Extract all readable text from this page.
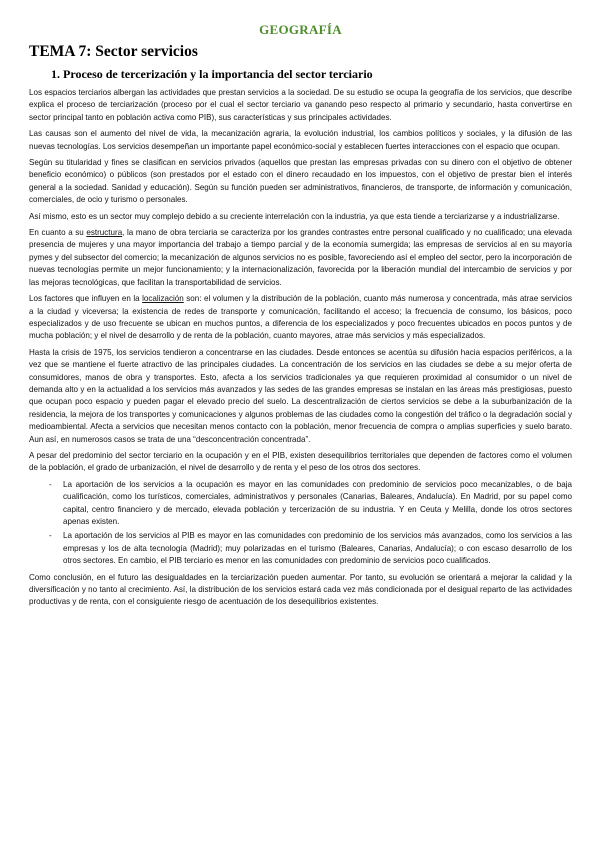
GEOGRAFÍA
TEMA 7: Sector servicios
1. Proceso de tercerización y la importancia del sector terciario

Los espacios terciarios albergan las actividades que prestan servicios a la sociedad. De su estudio se ocupa la geografía de los servicios, que describe explica el proceso de terciarización (proceso por el cual el sector terciario va ganando peso respecto al primario y secundario, hasta convertirse en sector principal tanto en población activa como PIB), sus características y sus principales actividades.

Las causas son el aumento del nivel de vida, la mecanización agraria, la evolución industrial, los cambios políticos y sociales, y la difusión de las nuevas tecnologías. Los servicios desempeñan un importante papel económico-social y establecen fuertes interacciones con el espacio que ocupan.

Según su titularidad y fines se clasifican en servicios privados (aquellos que prestan las empresas privadas con su dinero con el objetivo de obtener beneficio económico) o públicos (son prestados por el estado con el dinero recaudado en los impuestos, con el objetivo de prestar bien el interés general a la sociedad. Sanidad y educación). Según su función pueden ser administrativos, financieros, de transporte, de información y comunicación, comerciales, de ocio y turismo o personales.

Así mismo, esto es un sector muy complejo debido a su creciente interrelación con la industria, ya que esta tiende a terciarizarse y a industrializarse.

En cuanto a su estructura, la mano de obra terciaria se caracteriza por los grandes contrastes entre personal cualificado y no cualificado; una elevada presencia de mujeres y una mayor importancia del trabajo a tiempo parcial y de la economía sumergida; las empresas de servicios al en su mayoría pymes y del subsector del comercio; la mecanización de algunos servicios no es posible, favoreciendo así el empleo del sector, pero la incorporación de nuevas tecnologías permite un mejor funcionamiento; y la internacionalización, favorecida por la liberación mundial del intercambio de servicios y por las mejoras tecnológicas, que facilitan la transportabilidad de servicios.

Los factores que influyen en la localización son: el volumen y la distribución de la población, cuanto más numerosa y concentrada, más atrae servicios a la ciudad y viceversa; la existencia de redes de transporte y comunicación, facilitando el acceso; la frecuencia de consumo, los básicos, poco especializados y de uso frecuente se ubican en muchos puntos, a diferencia de los especializados y poco frecuentes ubicados en pocos puntos y de mucha población; y el nivel de desarrollo y de renta de la población, cuanto mayores, atrae más servicios y más especializados.

Hasta la crisis de 1975, los servicios tendieron a concentrarse en las ciudades. Desde entonces se acentúa su difusión hacia espacios periféricos, a la vez que se mantiene el fuerte atractivo de las principales ciudades. La concentración de los servicios en las ciudades se debe a su mejor oferta de consumidores, manos de obra y transportes. Esto, afecta a los servicios tradicionales ya que requieren proximidad al consumidor o un nivel de demanda alto y en la actualidad a los servicios más avanzados y las sedes de las grandes empresas se instalan en las áreas más prestigiosas, puesto que ocupan poco espacio y pueden pagar el elevado precio del suelo. La descentralización de ciertos servicios se debe a la suburbanización de la residencia, la mejora de los transportes y comunicaciones y algunos problemas de las ciudades como la congestión del tráfico o la degradación social y medioambiental. Afecta a servicios que necesitan menos contacto con la población, menor frecuencia de compra o amplias superficies y suelo barato. Aun así, en numerosos casos se trata de una “desconcentración concentrada”.

A pesar del predominio del sector terciario en la ocupación y en el PIB, existen desequilibrios territoriales que dependen de factores como el volumen de la población, el grado de urbanización, el nivel de desarrollo y de renta y el peso de los otros dos sectores.

- La aportación de los servicios a la ocupación es mayor en las comunidades con predominio de servicios poco mecanizables, o de baja cualificación, como los turísticos, comerciales, administrativos y personales (Canarias, Baleares, Andalucía). En Madrid, por su papel como capital, centro financiero y de mercado, elevada población y tercerización de su industria. Y en Ceuta y Melilla, donde los otros sectores apenas existen.
- La aportación de los servicios al PIB es mayor en las comunidades con predominio de los servicios más avanzados, como los servicios a las empresas y los de alta tecnología (Madrid); muy polarizadas en el turismo (Baleares, Canarias, Andalucía); o con escaso desarrollo de los otros sectores. En cambio, el PIB terciario es menor en las comunidades con predominio de servicios poco cualificados.

Como conclusión, en el futuro las desigualdades en la terciarización pueden aumentar. Por tanto, su evolución se orientará a mejorar la calidad y la diversificación y no tanto al crecimiento. Así, la distribución de los servicios estará cada vez más condicionada por el desigual reparto de las actividades productivas y de renta, con el consiguiente riesgo de acentuación de los desequilibrios existentes.
